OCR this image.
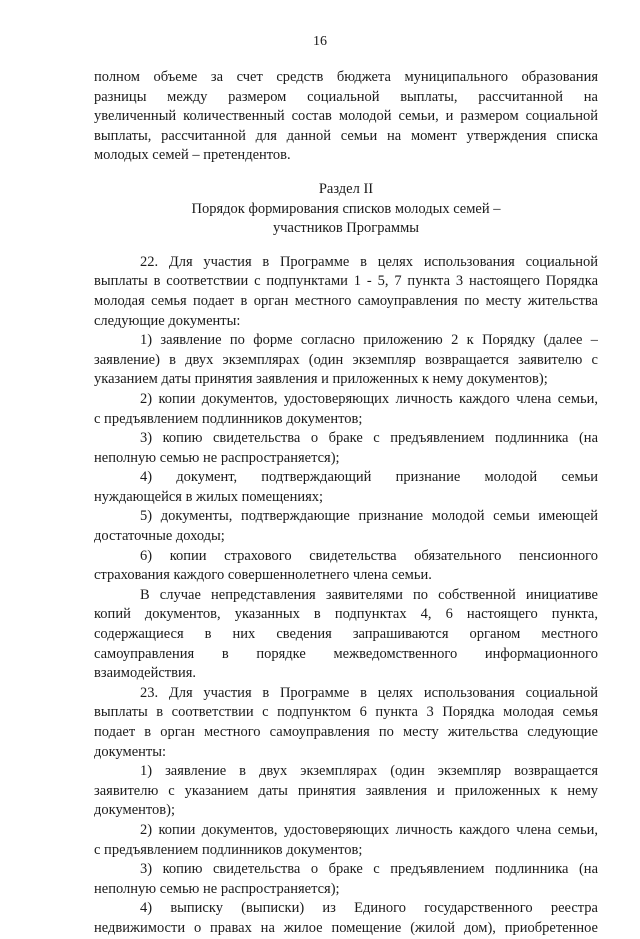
16
полном объеме за счет средств бюджета муниципального образования
разницы между размером социальной выплаты, рассчитанной на
увеличенный количественный состав молодой семьи, и размером социальной
выплаты, рассчитанной для данной семьи на момент утверждения списка
молодых семей – претендентов.
Раздел II
Порядок формирования списков молодых семей –
участников Программы
22. Для участия в Программе в целях использования социальной
выплаты в соответствии с подпунктами 1 - 5, 7 пункта 3 настоящего Порядка
молодая семья подает в орган местного самоуправления по месту жительства
следующие документы:
1) заявление по форме согласно приложению 2 к Порядку (далее –
заявление) в двух экземплярах (один экземпляр возвращается заявителю с
указанием даты принятия заявления и приложенных к нему документов);
2) копии документов, удостоверяющих личность каждого члена семьи,
с предъявлением подлинников документов;
3) копию свидетельства о браке с предъявлением подлинника (на
неполную семью не распространяется);
4) документ, подтверждающий признание молодой семьи
нуждающейся в жилых помещениях;
5) документы, подтверждающие признание молодой семьи имеющей
достаточные доходы;
6) копии страхового свидетельства обязательного пенсионного
страхования каждого совершеннолетнего члена семьи.
В случае непредставления заявителями по собственной инициативе
копий документов, указанных в подпунктах 4, 6 настоящего пункта,
содержащиеся в них сведения запрашиваются органом местного
самоуправления в порядке межведомственного информационного
взаимодействия.
23. Для участия в Программе в целях использования социальной
выплаты в соответствии с подпунктом 6 пункта 3 Порядка молодая семья
подает в орган местного самоуправления по месту жительства следующие
документы:
1) заявление в двух экземплярах (один экземпляр возвращается
заявителю с указанием даты принятия заявления и приложенных к нему
документов);
2) копии документов, удостоверяющих личность каждого члена семьи,
с предъявлением подлинников документов;
3) копию свидетельства о браке с предъявлением подлинника (на
неполную семью не распространяется);
4) выписку (выписки) из Единого государственного реестра
недвижимости о правах на жилое помещение (жилой дом), приобретенное
